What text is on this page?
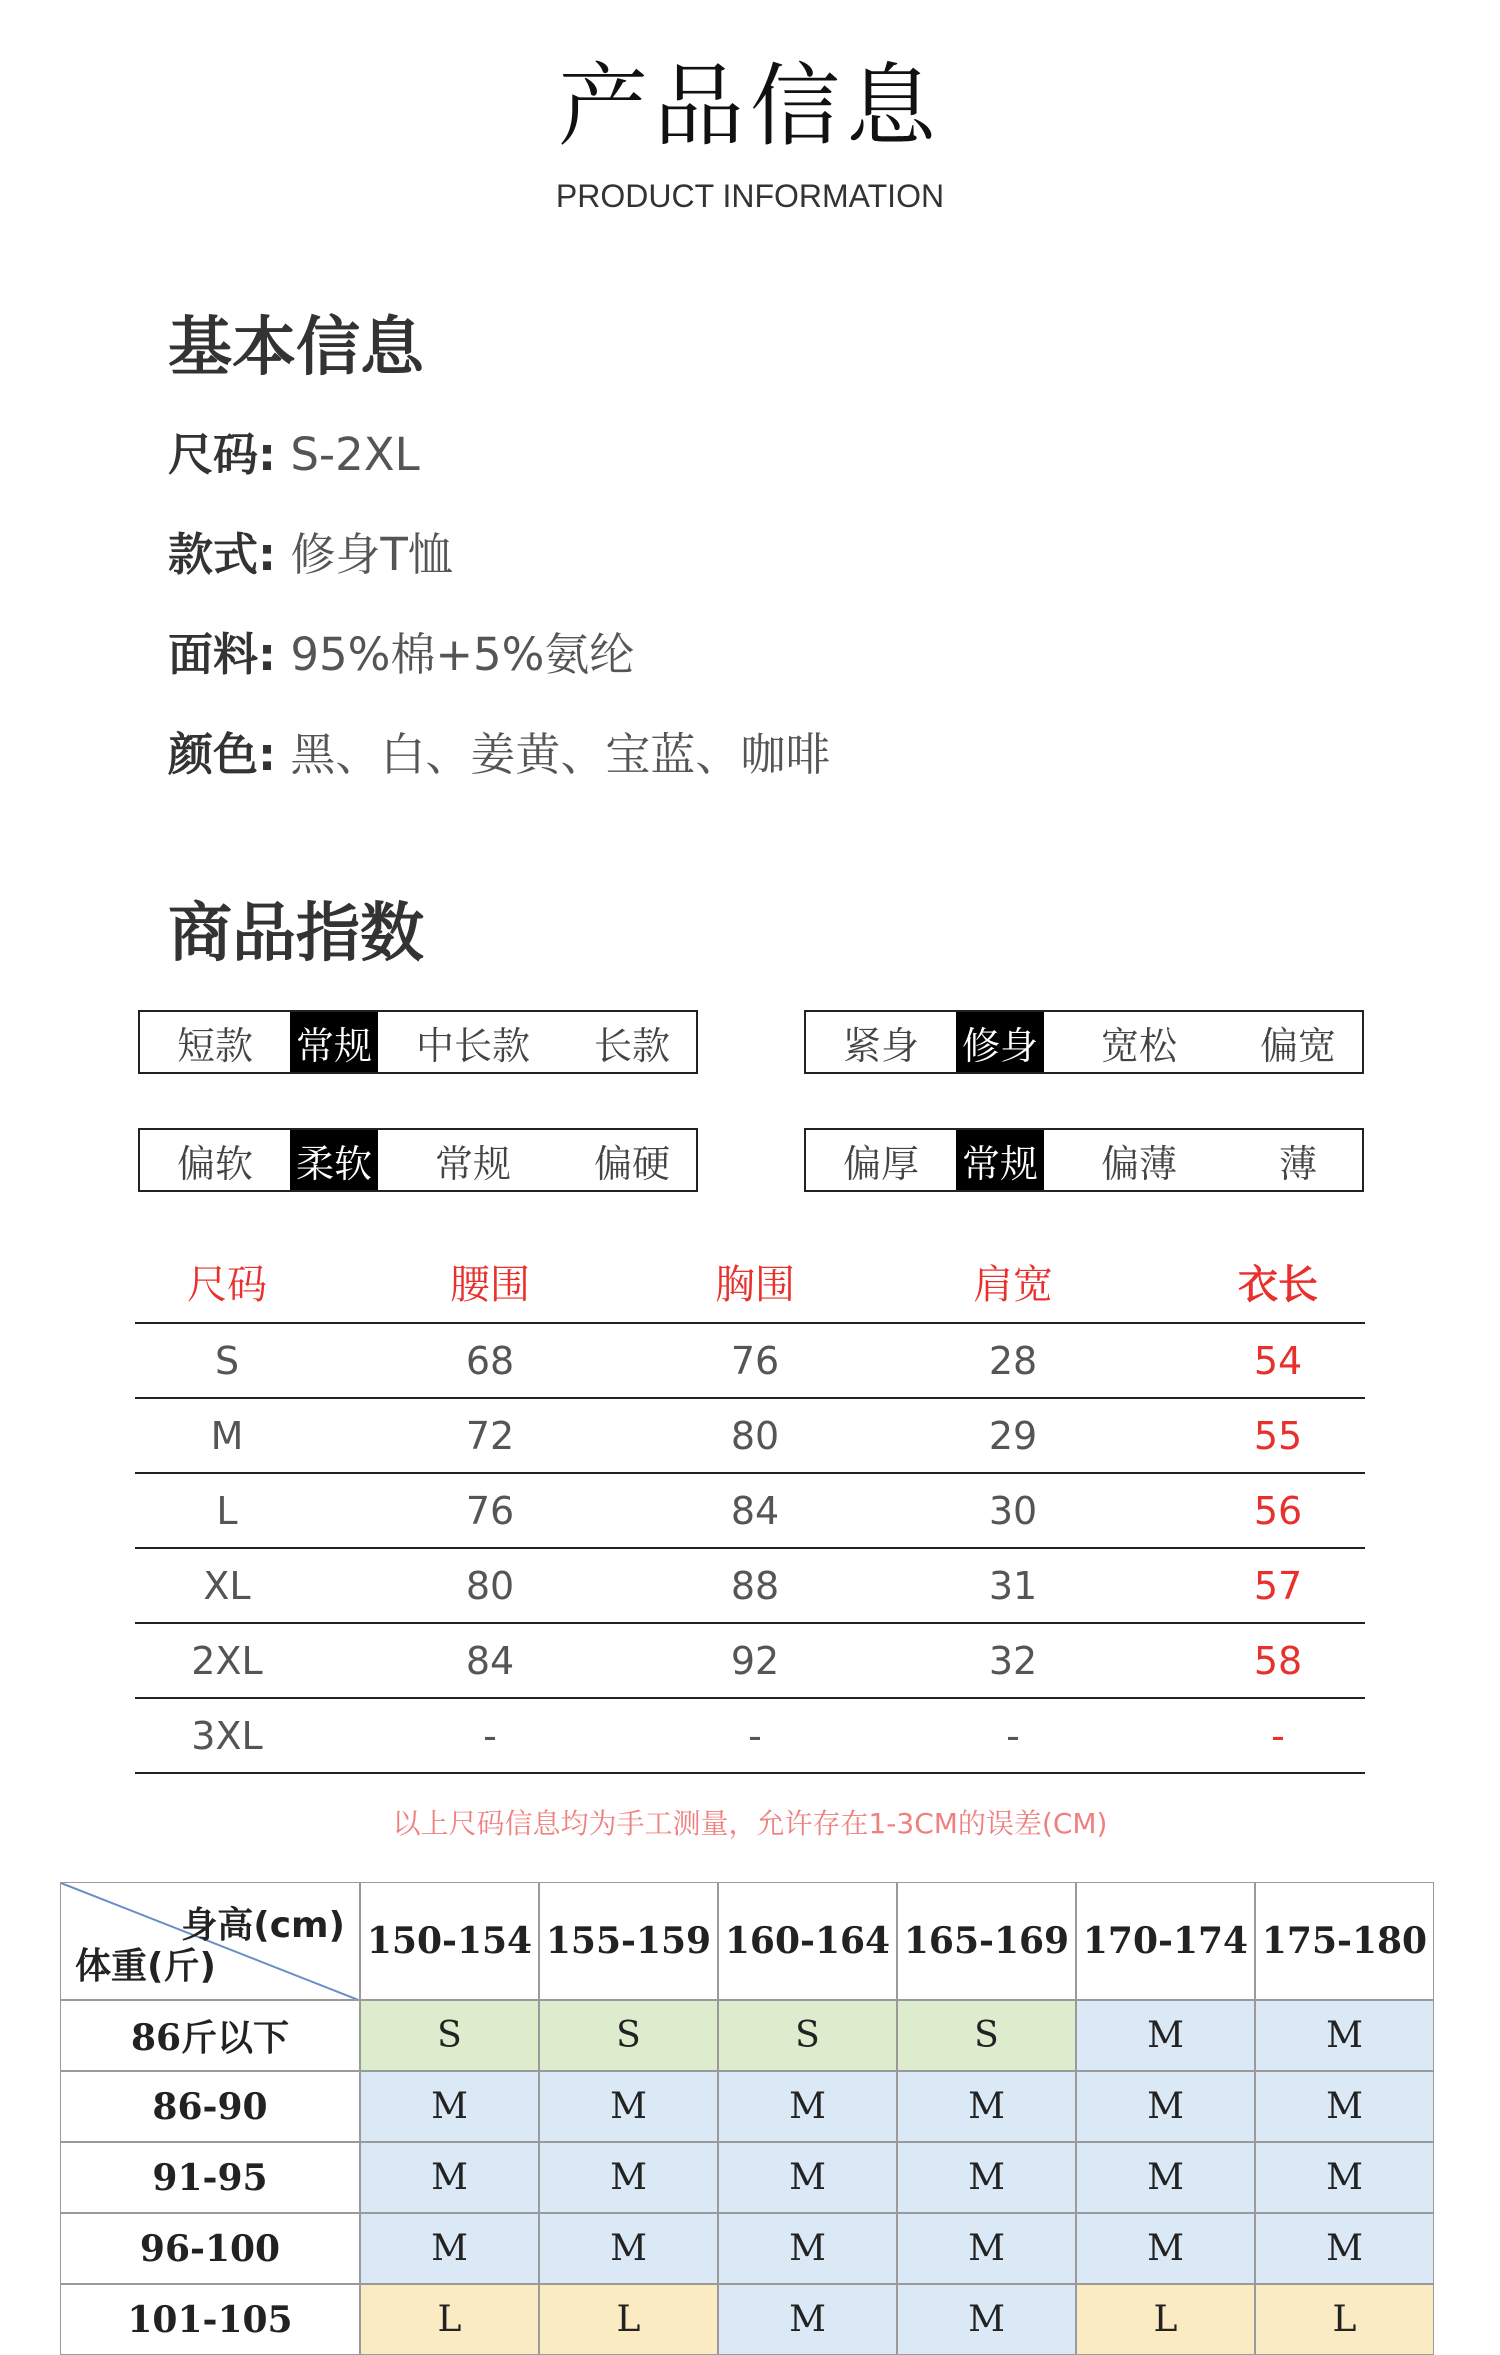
产品信息
PRODUCT INFORMATION
基本信息
尺码: S-2XL
款式: 修身T恤
面料: 95%棉+5%氨纶
颜色: 黑、白、姜黄、宝蓝、咖啡
商品指数
短款	常规	中长款	长款	紧身	修身	宽松	偏宽
偏软	柔软	常规	偏硬	偏厚	常规	偏薄	薄
尺码	腰围	胸围	肩宽	衣长
S	68	76	28	54
M	72	80	29	55
L	76	84	30	56
XL	80	88	31	57
2XL	84	92	32	58
3XL	-	-	-	-
以上尺码信息均为手工测量，允许存在1-3CM的误差(CM)
身高(cm)
体重(斤)
150-154 155-159 160-164 165-169 170-174 175-180
86斤以下	S	S	S	S	M	M
86-90	M	M	M	M	M	M
91-95	M	M	M	M	M	M
96-100	M	M	M	M	M	M
101-105	L	L	M	M	L	L
